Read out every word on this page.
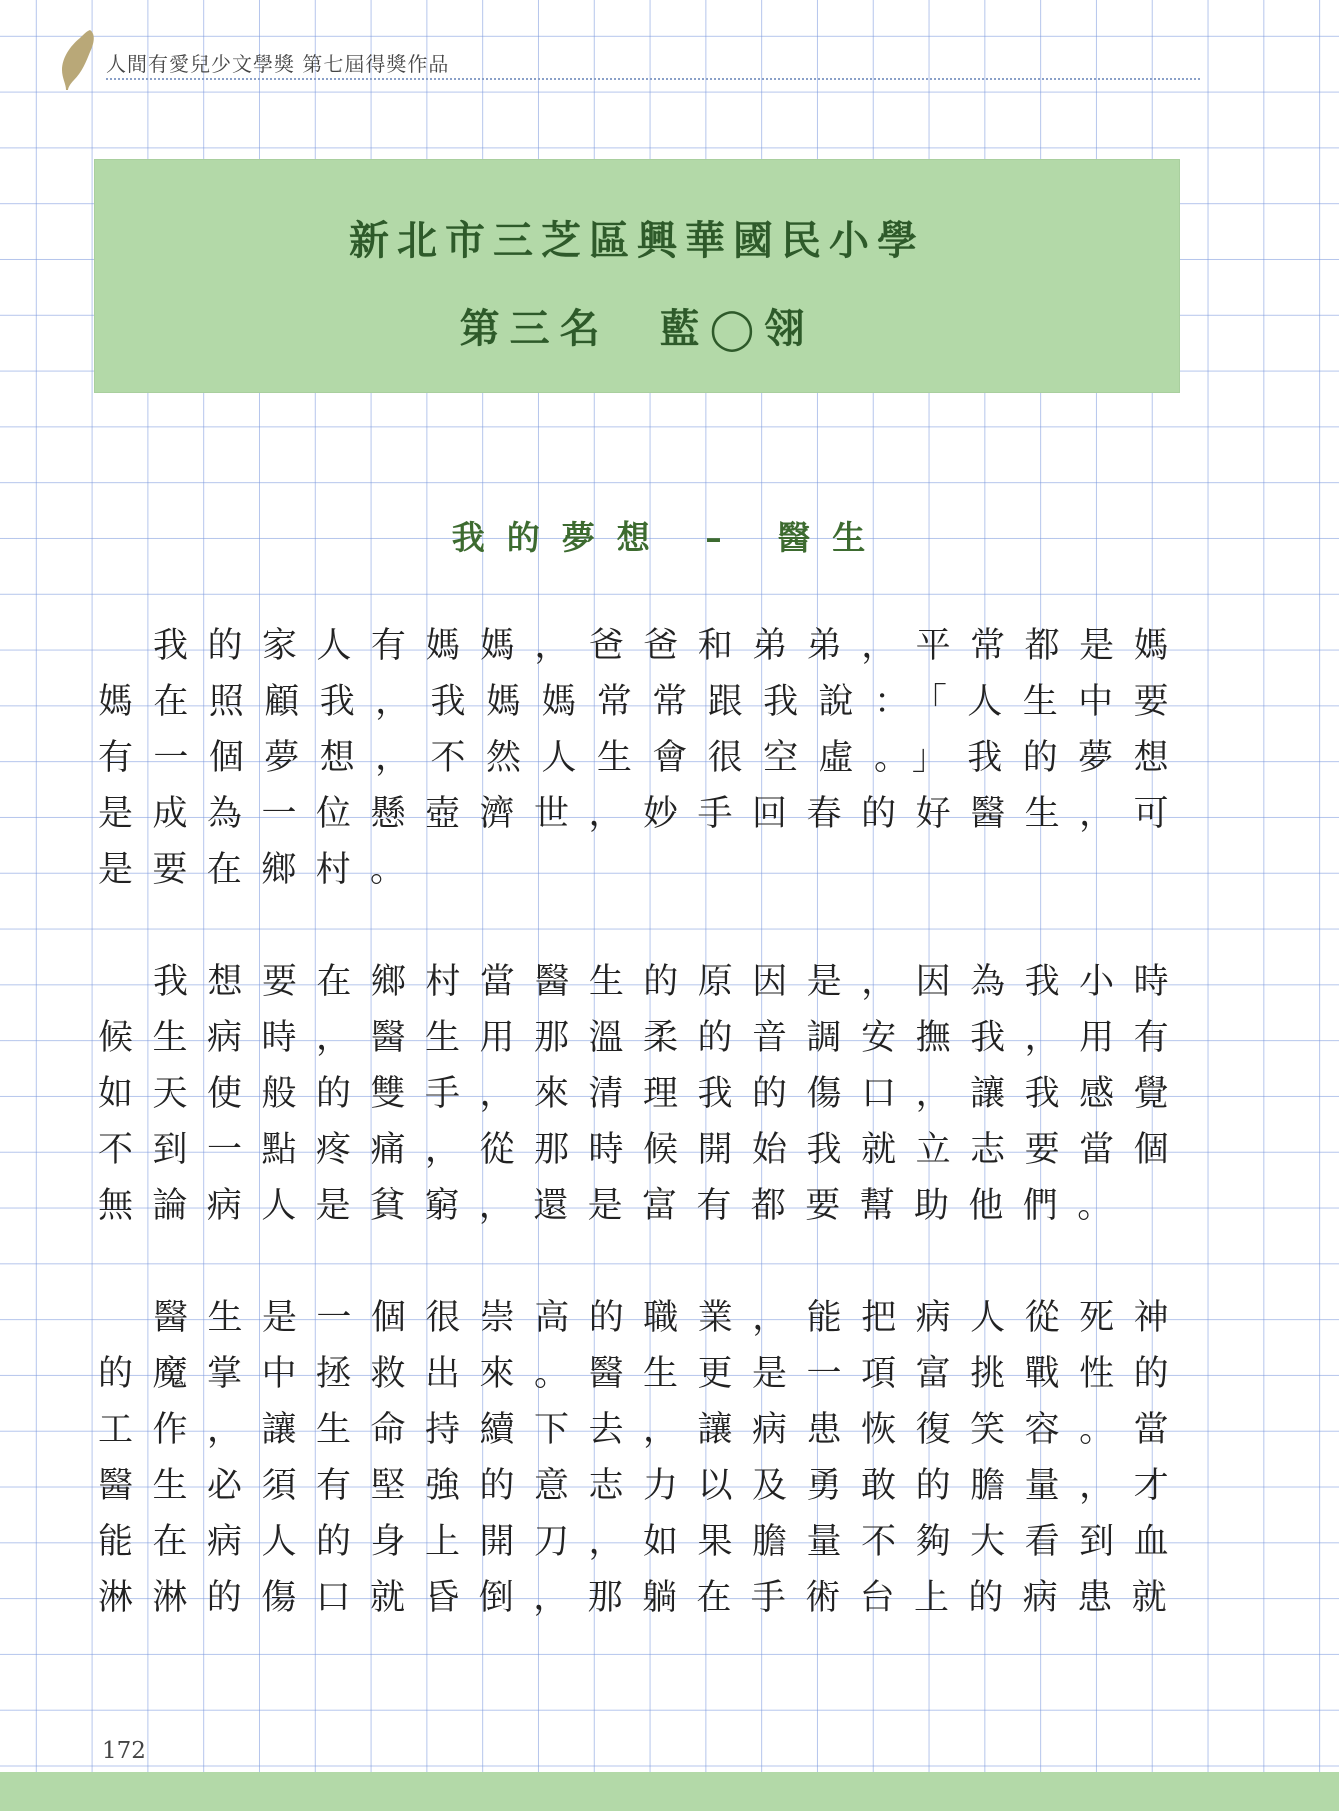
人間有愛兒少文學獎 第七屆得獎作品
新北市三芝區興華國民小學
第三名　藍◯翎
我的夢想 – 醫生

我的家人有媽媽，爸爸和弟弟，平常都是媽媽在照顧我，我媽媽常常跟我說：「人生中要有一個夢想，不然人生會很空虛。」我的夢想是成為一位懸壺濟世，妙手回春的好醫生，可是要在鄉村。

我想要在鄉村當醫生的原因是，因為我小時候生病時，醫生用那溫柔的音調安撫我，用有如天使般的雙手，來清理我的傷口，讓我感覺不到一點疼痛，從那時候開始我就立志要當個無論病人是貧窮，還是富有都要幫助他們。

醫生是一個很崇高的職業，能把病人從死神的魔掌中拯救出來。醫生更是一項富挑戰性的工作，讓生命持續下去，讓病患恢復笑容。當醫生必須有堅強的意志力以及勇敢的膽量，才能在病人的身上開刀，如果膽量不夠大看到血淋淋的傷口就昏倒，那躺在手術台上的病患就

172
